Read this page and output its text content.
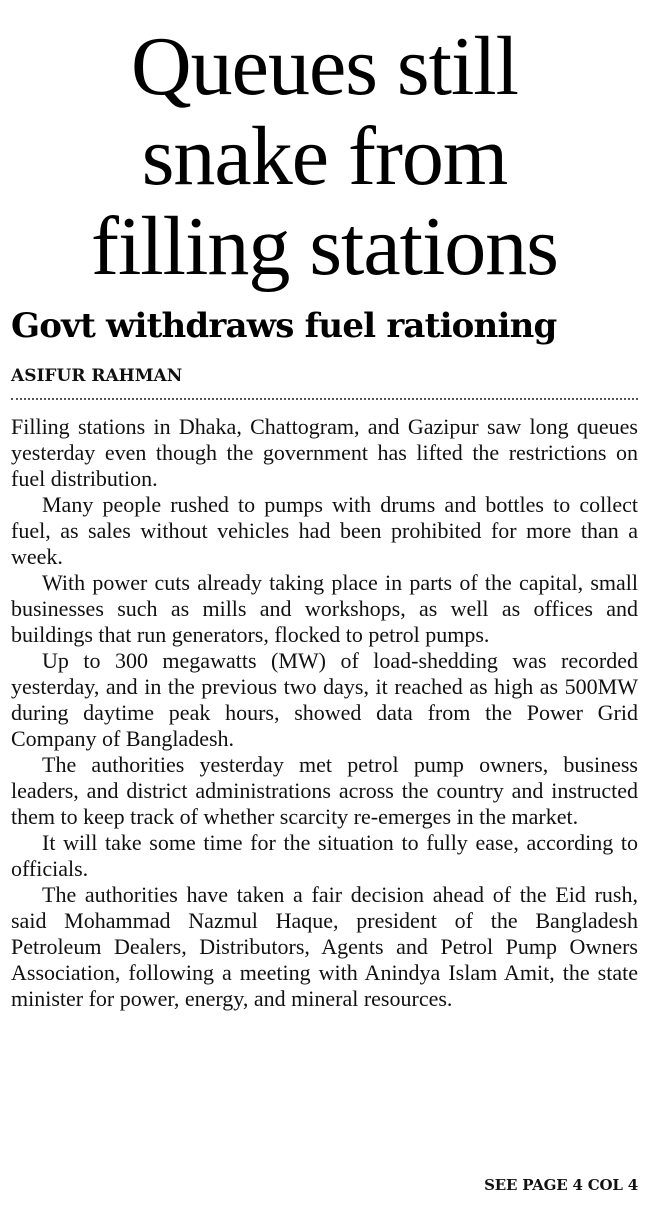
Queues still
snake from
filling stations
Govt withdraws fuel rationing
ASIFUR RAHMAN

Filling stations in Dhaka, Chattogram, and Gazipur saw long queues yesterday even though the government has lifted the restrictions on fuel distribution.

Many people rushed to pumps with drums and bottles to collect fuel, as sales without vehicles had been prohibited for more than a week.

With power cuts already taking place in parts of the capital, small businesses such as mills and workshops, as well as offices and buildings that run generators, flocked to petrol pumps.

Up to 300 megawatts (MW) of load-shedding was recorded yesterday, and in the previous two days, it reached as high as 500MW during daytime peak hours, showed data from the Power Grid Company of Bangladesh.

The authorities yesterday met petrol pump owners, business leaders, and district administrations across the country and instructed them to keep track of whether scarcity re-emerges in the market.

It will take some time for the situation to fully ease, according to officials.

The authorities have taken a fair decision ahead of the Eid rush, said Mohammad Nazmul Haque, president of the Bangladesh Petroleum Dealers, Distributors, Agents and Petrol Pump Owners Association, following a meeting with Anindya Islam Amit, the state minister for power, energy, and mineral resources.

SEE PAGE 4 COL 4
